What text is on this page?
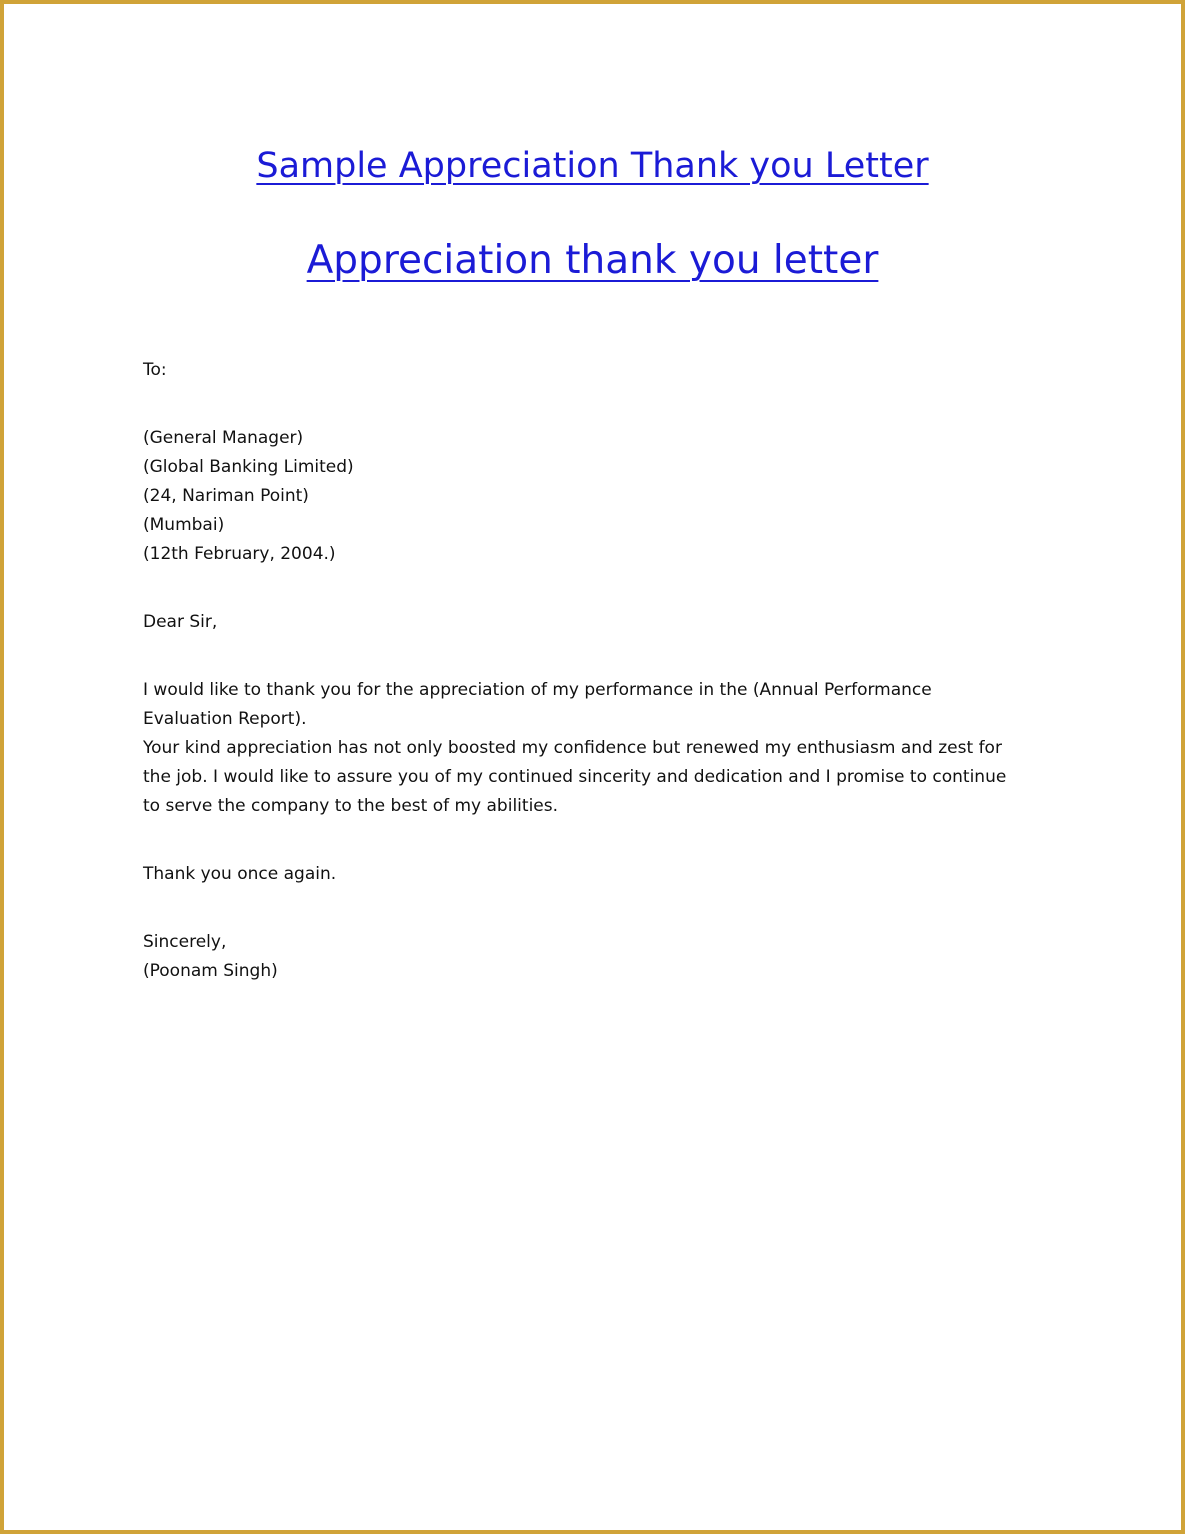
Sample Appreciation Thank you Letter
Appreciation thank you letter
To:
(General Manager)
(Global Banking Limited)
(24, Nariman Point)
(Mumbai)
(12th February, 2004.)
Dear Sir,
I would like to thank you for the appreciation of my performance in the (Annual Performance
Evaluation Report).
Your kind appreciation has not only boosted my confidence but renewed my enthusiasm and zest for
the job. I would like to assure you of my continued sincerity and dedication and I promise to continue
to serve the company to the best of my abilities.
Thank you once again.
Sincerely,
(Poonam Singh)
